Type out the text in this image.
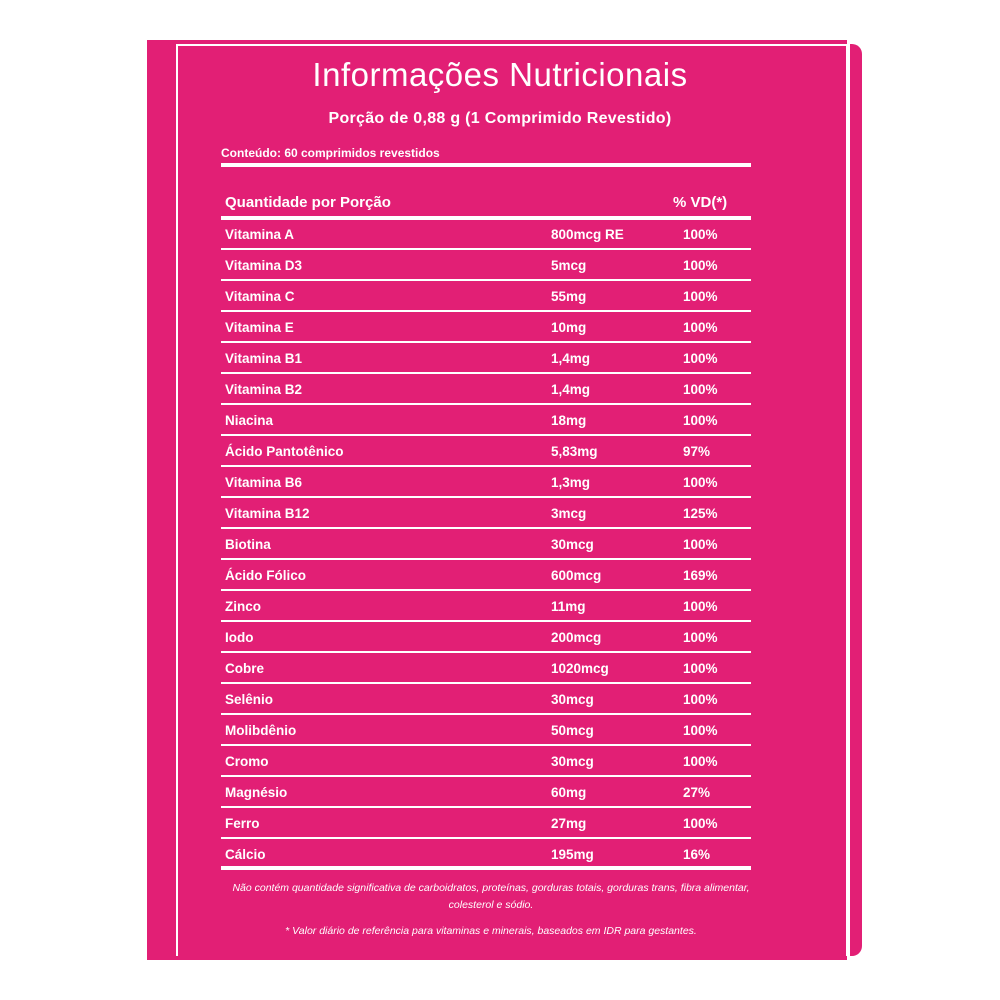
Informações Nutricionais
Porção de 0,88 g (1 Comprimido Revestido)
Conteúdo: 60 comprimidos revestidos
Quantidade por Porção	% VD(*)
Vitamina A	800mcg RE	100%
Vitamina D3	5mcg	100%
Vitamina C	55mg	100%
Vitamina E	10mg	100%
Vitamina B1	1,4mg	100%
Vitamina B2	1,4mg	100%
Niacina	18mg	100%
Ácido Pantotênico	5,83mg	97%
Vitamina B6	1,3mg	100%
Vitamina B12	3mcg	125%
Biotina	30mcg	100%
Ácido Fólico	600mcg	169%
Zinco	11mg	100%
Iodo	200mcg	100%
Cobre	1020mcg	100%
Selênio	30mcg	100%
Molibdênio	50mcg	100%
Cromo	30mcg	100%
Magnésio	60mg	27%
Ferro	27mg	100%
Cálcio	195mg	16%
Não contém quantidade significativa de carboidratos, proteínas, gorduras totais, gorduras trans, fibra alimentar, colesterol e sódio.
* Valor diário de referência para vitaminas e minerais, baseados em IDR para gestantes.
